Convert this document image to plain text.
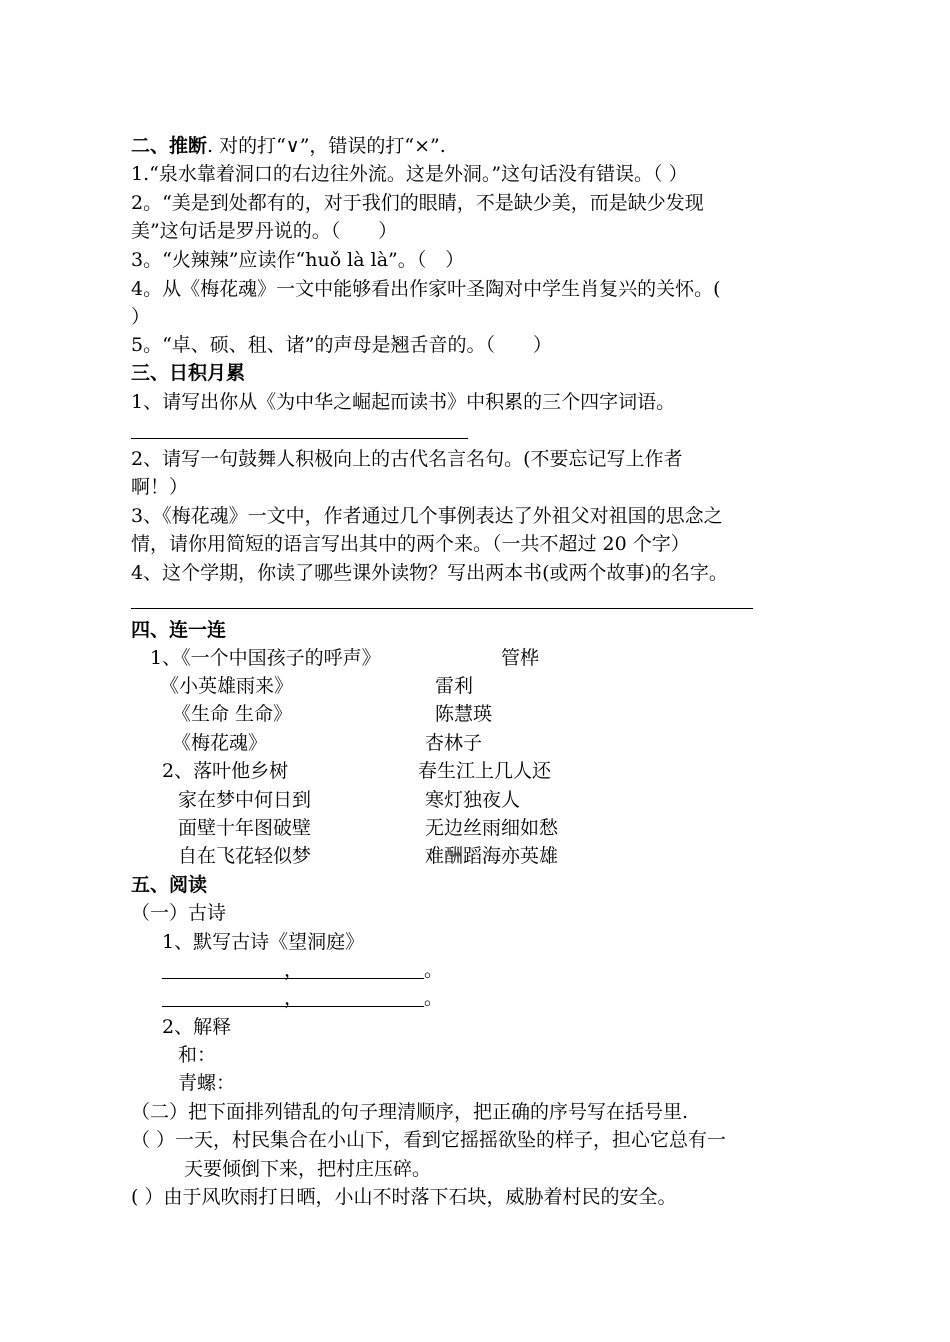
二、推断. 对的打“∨”，错误的打“×”.
1.“泉水靠着洞口的右边往外流。这是外洞。”这句话没有错误。（ ）
2。“美是到处都有的，对于我们的眼睛，不是缺少美，而是缺少发现
美”这句话是罗丹说的。（　　）
3。“火辣辣”应读作“huǒ là là”。（　）
4。从《梅花魂》一文中能够看出作家叶圣陶对中学生肖复兴的关怀。(
）
5。“卓、硕、租、诸”的声母是翘舌音的。（　　）
三、日积月累
1、请写出你从《为中华之崛起而读书》中积累的三个四字词语。
2、请写一句鼓舞人积极向上的古代名言名句。(不要忘记写上作者
啊！）
3、《梅花魂》一文中，作者通过几个事例表达了外祖父对祖国的思念之
情，请你用简短的语言写出其中的两个来。（一共不超过 20 个字）
4、这个学期，你读了哪些课外读物？写出两本书(或两个故事)的名字。
四、连一连
1、《一个中国孩子的呼声》	管桦
《小英雄雨来》	雷利
《生命 生命》	陈慧瑛
《梅花魂》	杏林子
2、落叶他乡树	春生江上几人还
家在梦中何日到	寒灯独夜人
面壁十年图破壁	无边丝雨细如愁
自在飞花轻似梦	难酬蹈海亦英雄
五、阅读
（一）古诗
1、默写古诗《望洞庭》
，	。
，	。
2、解释
和：
青螺：
（二）把下面排列错乱的句子理清顺序，把正确的序号写在括号里.
（ ）一天，村民集合在小山下，看到它摇摇欲坠的样子，担心它总有一
天要倾倒下来，把村庄压碎。
( ）由于风吹雨打日晒，小山不时落下石块，威胁着村民的安全。
